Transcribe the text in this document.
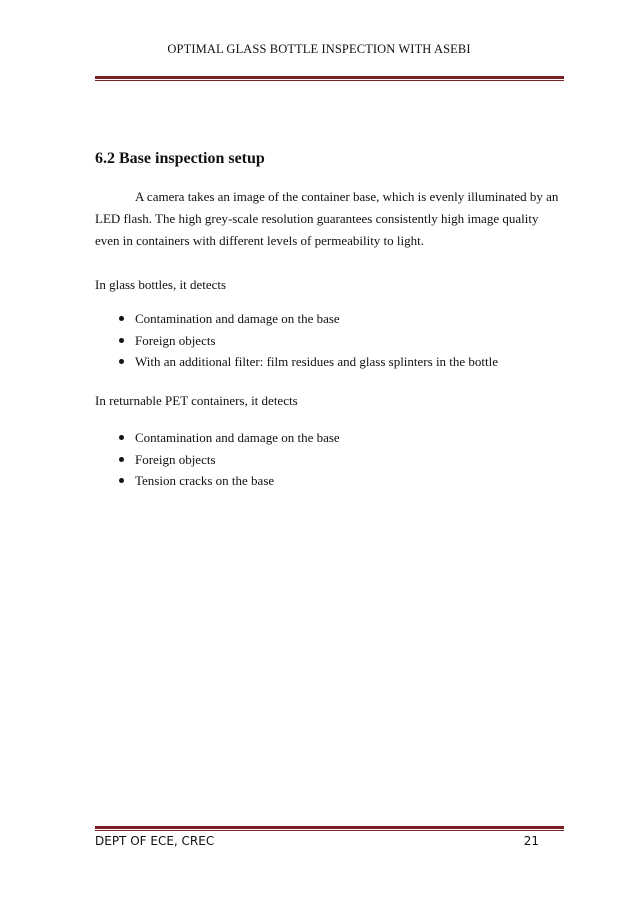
OPTIMAL GLASS BOTTLE INSPECTION WITH ASEBI
6.2 Base inspection setup

A camera takes an image of the container base, which is evenly illuminated by an LED flash. The high grey-scale resolution guarantees consistently high image quality even in containers with different levels of permeability to light.

In glass bottles, it detects

Contamination and damage on the base
Foreign objects
With an additional filter: film residues and glass splinters in the bottle

In returnable PET containers, it detects

Contamination and damage on the base
Foreign objects
Tension cracks on the base
DEPT OF ECE, CREC	21
